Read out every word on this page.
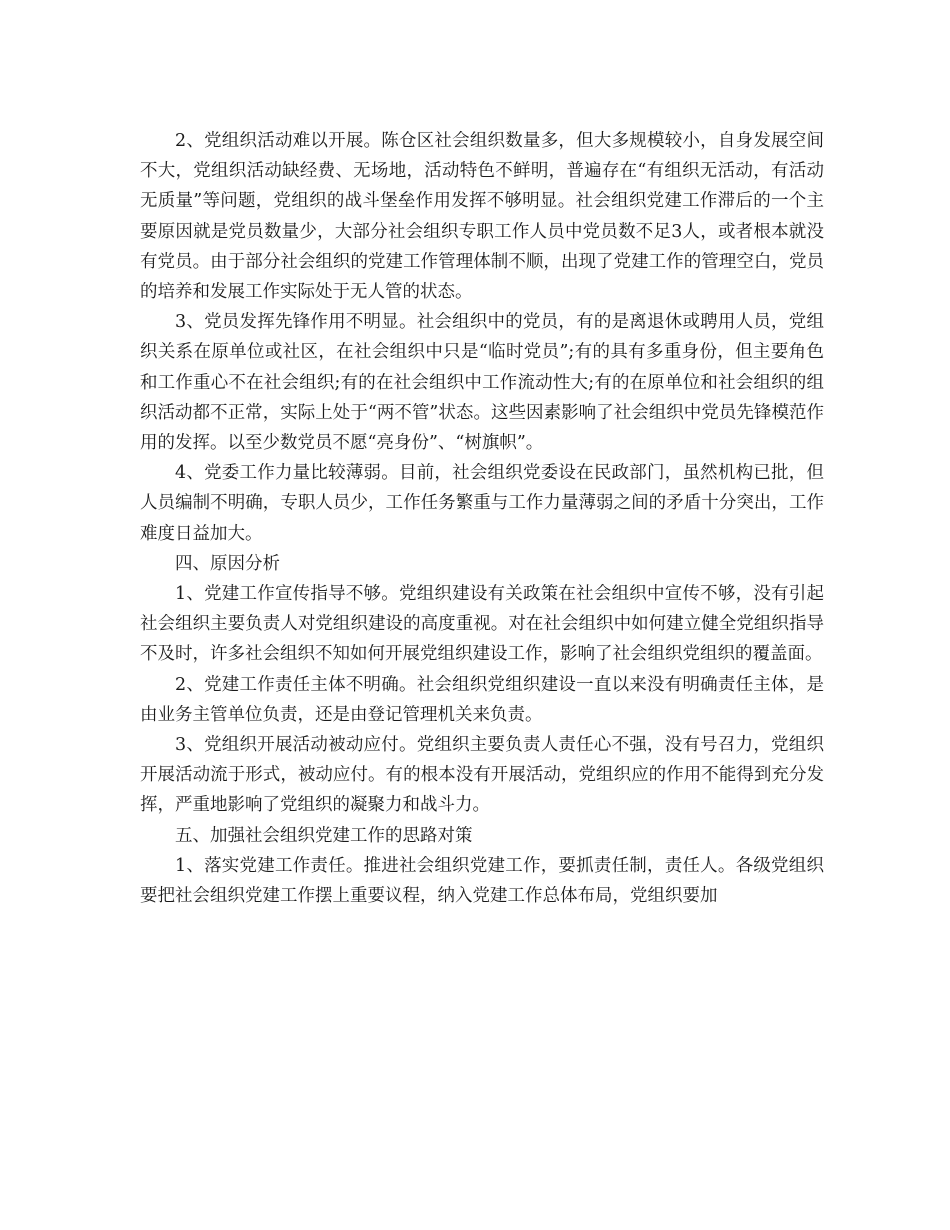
2、党组织活动难以开展。陈仓区社会组织数量多，但大多规模较小，自身发展空间不大，党组织活动缺经费、无场地，活动特色不鲜明，普遍存在“有组织无活动，有活动无质量”等问题，党组织的战斗堡垒作用发挥不够明显。社会组织党建工作滞后的一个主要原因就是党员数量少，大部分社会组织专职工作人员中党员数不足3人，或者根本就没有党员。由于部分社会组织的党建工作管理体制不顺，出现了党建工作的管理空白，党员的培养和发展工作实际处于无人管的状态。

3、党员发挥先锋作用不明显。社会组织中的党员，有的是离退休或聘用人员，党组织关系在原单位或社区，在社会组织中只是“临时党员”;有的具有多重身份，但主要角色和工作重心不在社会组织;有的在社会组织中工作流动性大;有的在原单位和社会组织的组织活动都不正常，实际上处于“两不管”状态。这些因素影响了社会组织中党员先锋模范作用的发挥。以至少数党员不愿“亮身份”、“树旗帜”。

4、党委工作力量比较薄弱。目前，社会组织党委设在民政部门，虽然机构已批，但人员编制不明确，专职人员少，工作任务繁重与工作力量薄弱之间的矛盾十分突出，工作难度日益加大。

四、原因分析

1、党建工作宣传指导不够。党组织建设有关政策在社会组织中宣传不够，没有引起社会组织主要负责人对党组织建设的高度重视。对在社会组织中如何建立健全党组织指导不及时，许多社会组织不知如何开展党组织建设工作，影响了社会组织党组织的覆盖面。

2、党建工作责任主体不明确。社会组织党组织建设一直以来没有明确责任主体，是由业务主管单位负责，还是由登记管理机关来负责。

3、党组织开展活动被动应付。党组织主要负责人责任心不强，没有号召力，党组织开展活动流于形式，被动应付。有的根本没有开展活动，党组织应的作用不能得到充分发挥，严重地影响了党组织的凝聚力和战斗力。

五、加强社会组织党建工作的思路对策

1、落实党建工作责任。推进社会组织党建工作，要抓责任制，责任人。各级党组织要把社会组织党建工作摆上重要议程，纳入党建工作总体布局，党组织要加
